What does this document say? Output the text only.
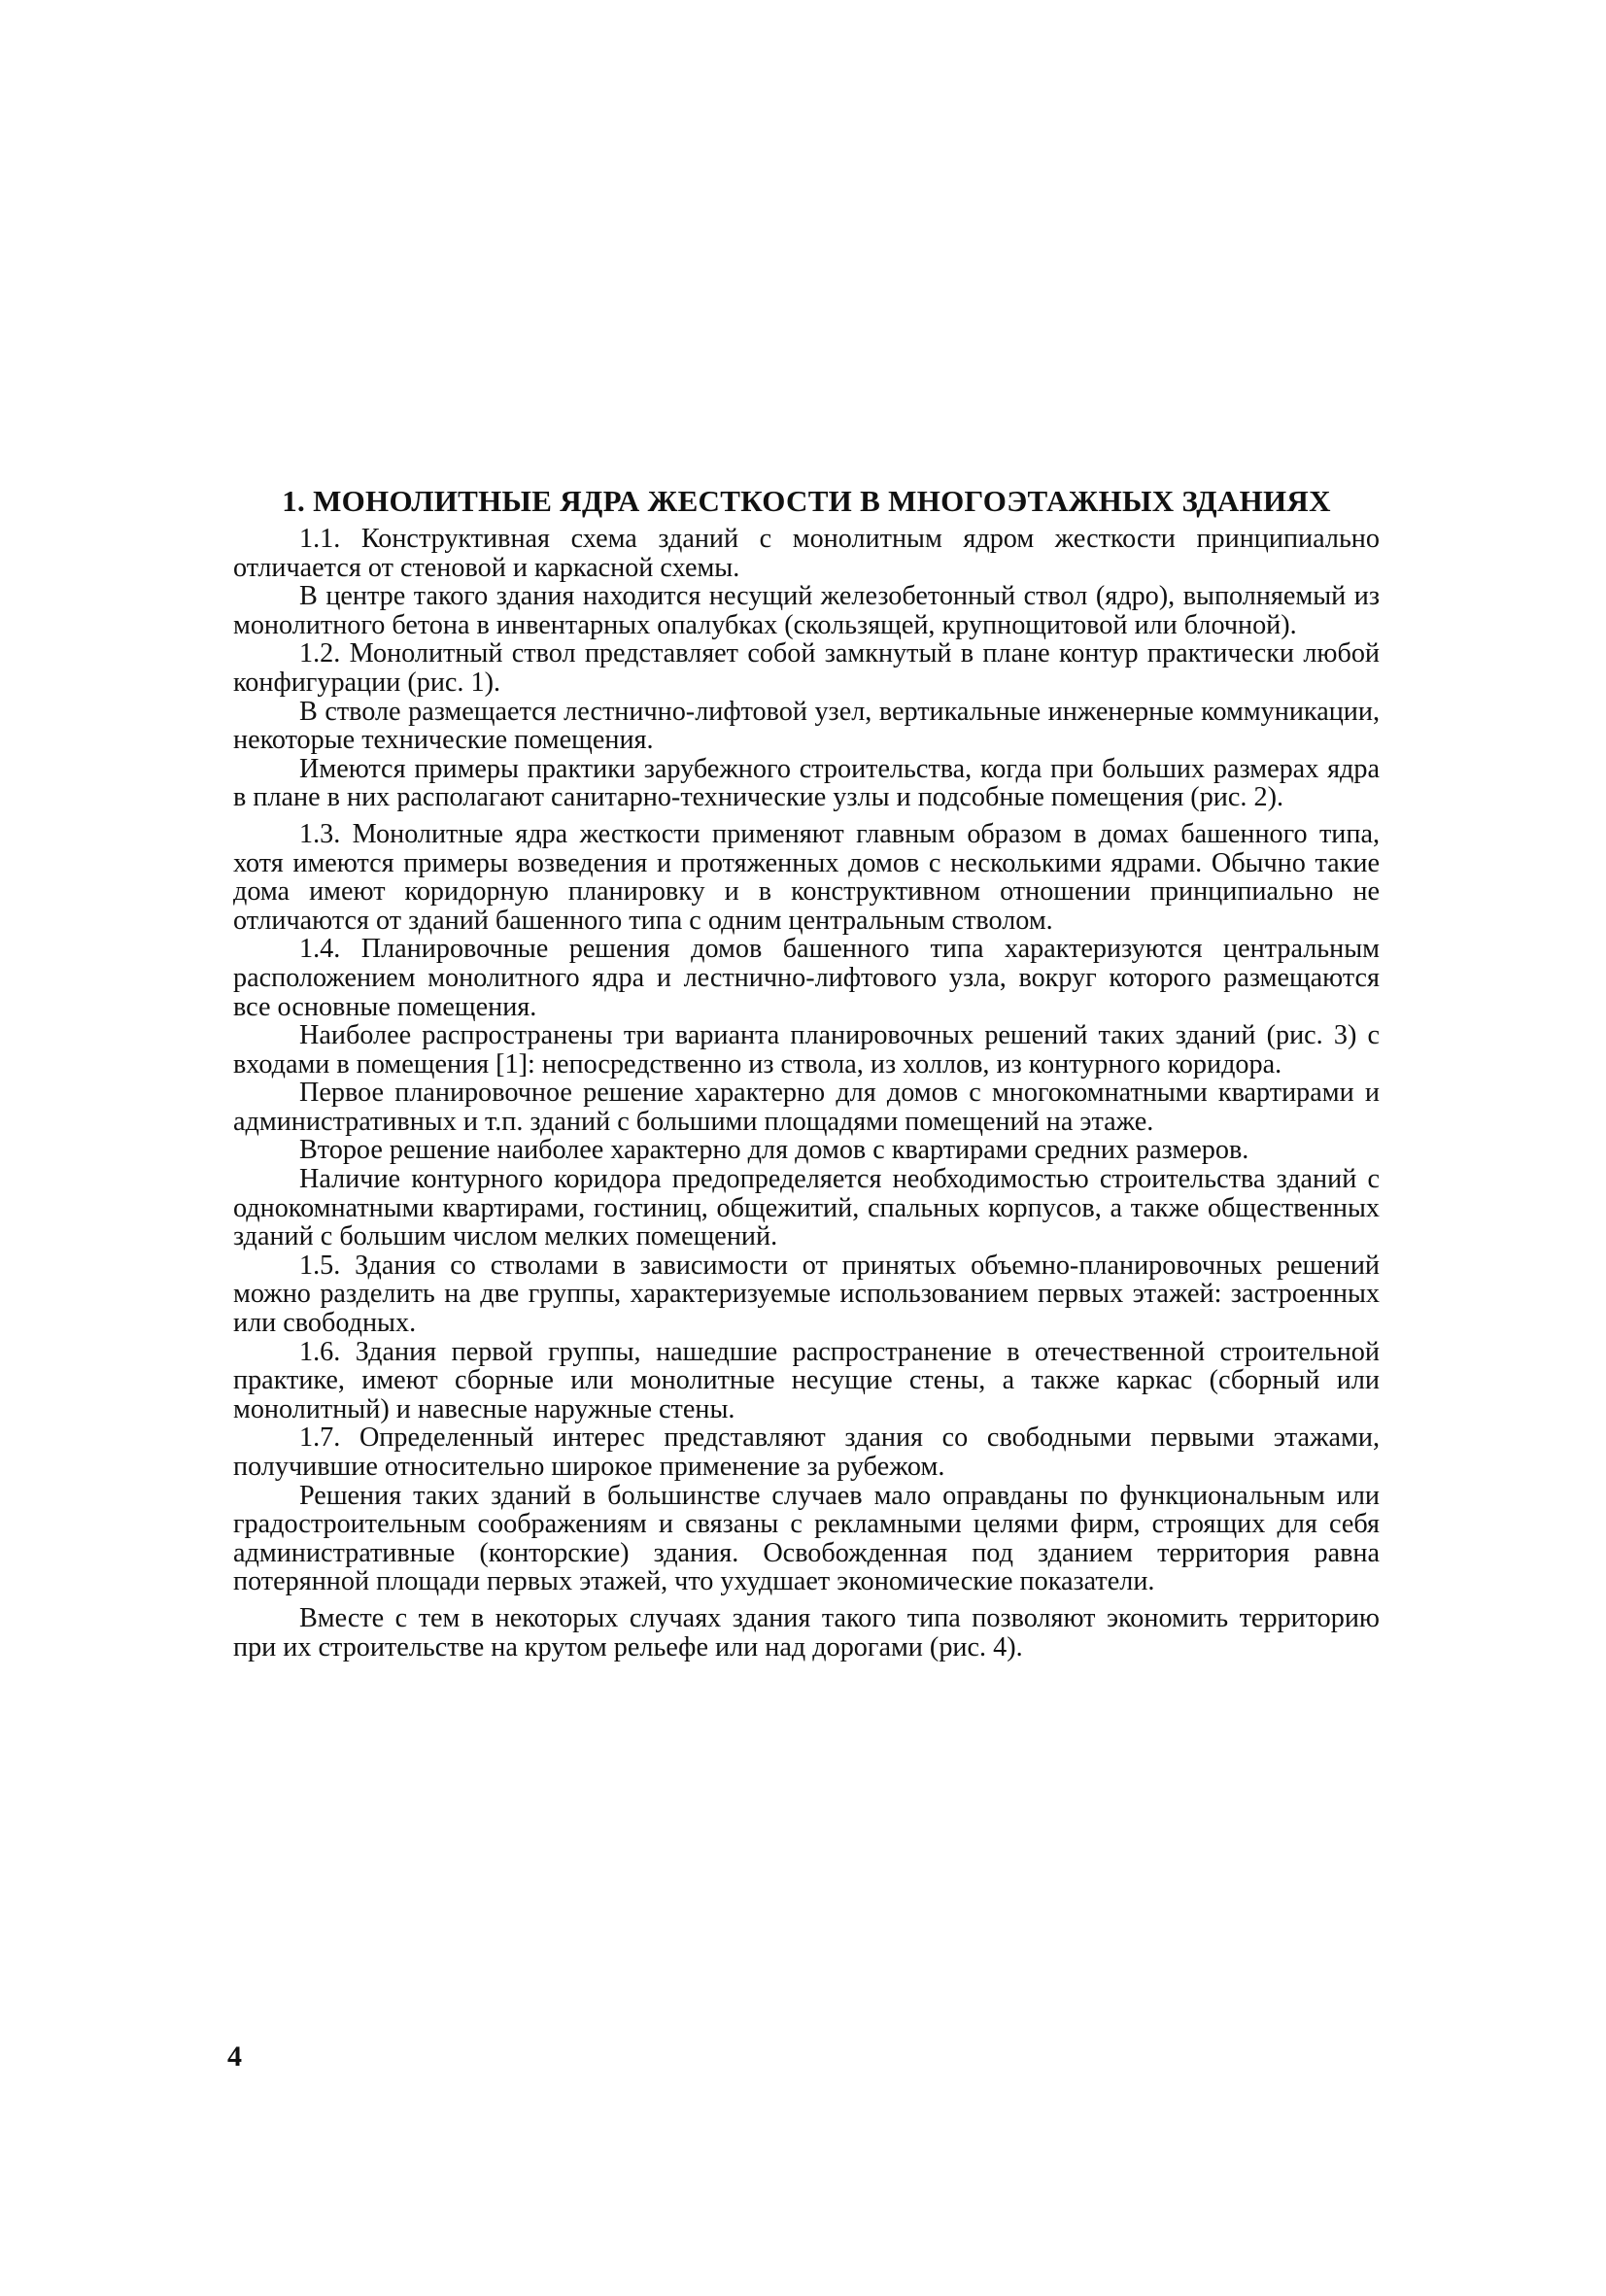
1. МОНОЛИТНЫЕ ЯДРА ЖЕСТКОСТИ В МНОГОЭТАЖНЫХ ЗДАНИЯХ

1.1. Конструктивная схема зданий с монолитным ядром жесткости принципиально отличается от стеновой и каркасной схемы.

В центре такого здания находится несущий железобетонный ствол (ядро), выполняемый из монолитного бетона в инвентарных опалубках (скользящей, крупнощитовой или блочной).

1.2. Монолитный ствол представляет собой замкнутый в плане контур практически любой конфигурации (рис. 1).

В стволе размещается лестнично-лифтовой узел, вертикальные инженерные коммуникации, некоторые технические помещения.

Имеются примеры практики зарубежного строительства, когда при больших размерах ядра в плане в них располагают санитарно-технические узлы и подсобные помещения (рис. 2).

1.3. Монолитные ядра жесткости применяют главным образом в домах башенного типа, хотя имеются примеры возведения и протяженных домов с несколькими ядрами. Обычно такие дома имеют коридорную планировку и в конструктивном отношении принципиально не отличаются от зданий башенного типа с одним центральным стволом.

1.4. Планировочные решения домов башенного типа характеризуются центральным расположением монолитного ядра и лестнично-лифтового узла, вокруг которого размещаются все основные помещения.

Наиболее распространены три варианта планировочных решений таких зданий (рис. 3) с входами в помещения [1]: непосредственно из ствола, из холлов, из контурного коридора.

Первое планировочное решение характерно для домов с многокомнатными квартирами и административных и т.п. зданий с большими площадями помещений на этаже.

Второе решение наиболее характерно для домов с квартирами средних размеров.

Наличие контурного коридора предопределяется необходимостью строительства зданий с однокомнатными квартирами, гостиниц, общежитий, спальных корпусов, а также общественных зданий с большим числом мелких помещений.

1.5. Здания со стволами в зависимости от принятых объемно-планировочных решений можно разделить на две группы, характеризуемые использованием первых этажей: застроенных или свободных.

1.6. Здания первой группы, нашедшие распространение в отечественной строительной практике, имеют сборные или монолитные несущие стены, а также каркас (сборный или монолитный) и навесные наружные стены.

1.7. Определенный интерес представляют здания со свободными первыми этажами, получившие относительно широкое применение за рубежом.

Решения таких зданий в большинстве случаев мало оправданы по функциональным или градостроительным соображениям и связаны с рекламными целями фирм, строящих для себя административные (конторские) здания. Освобожденная под зданием территория равна потерянной площади первых этажей, что ухудшает экономические показатели.

Вместе с тем в некоторых случаях здания такого типа позволяют экономить территорию при их строительстве на крутом рельефе или над дорогами (рис. 4).

4
